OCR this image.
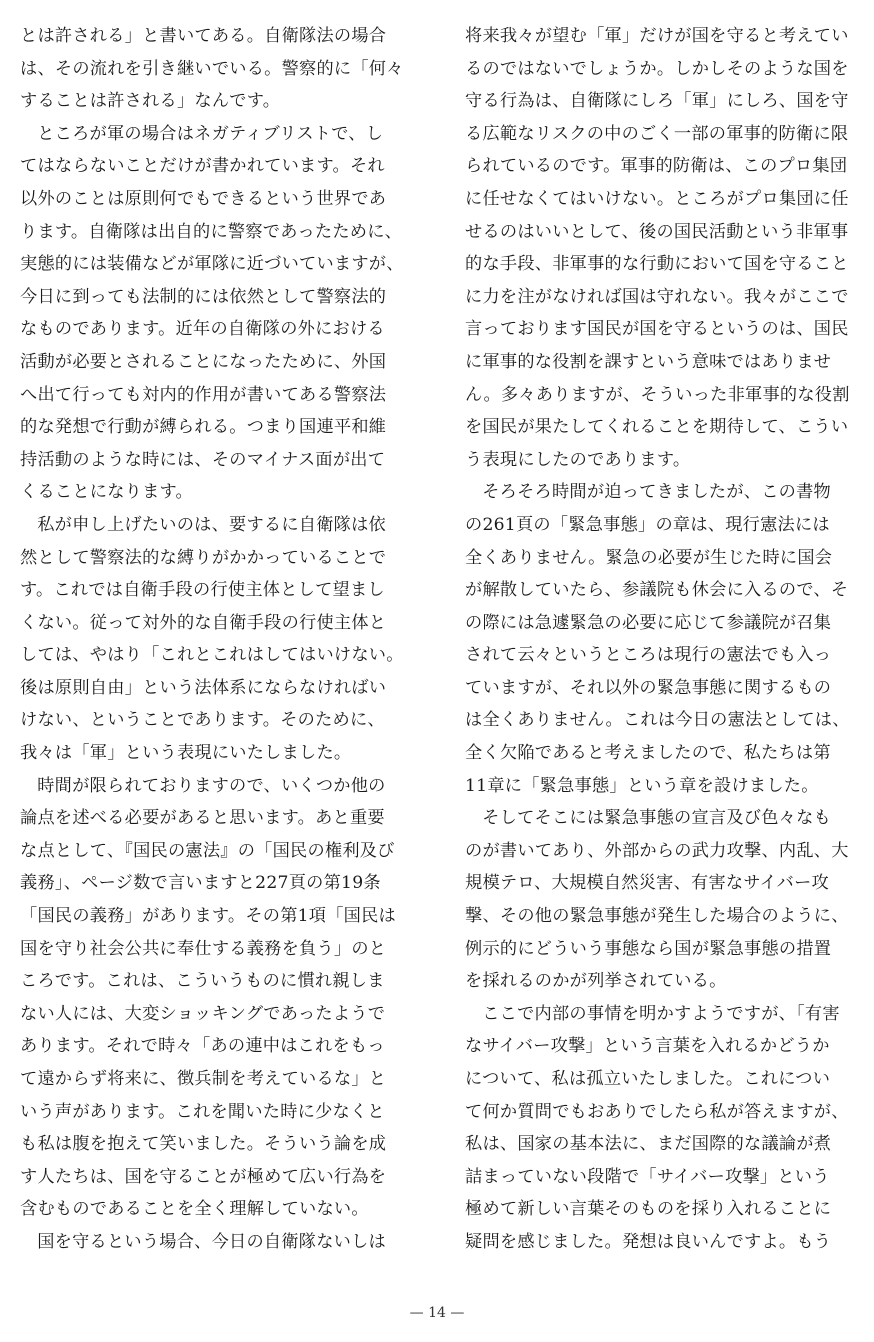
とは許される」と書いてある。自衛隊法の場合
は、その流れを引き継いでいる。警察的に「何々
することは許される」なんです。
ところが軍の場合はネガティブリストで、し
てはならないことだけが書かれています。それ
以外のことは原則何でもできるという世界であ
ります。自衛隊は出自的に警察であったために、
実態的には装備などが軍隊に近づいていますが、
今日に到っても法制的には依然として警察法的
なものであります。近年の自衛隊の外における
活動が必要とされることになったために、外国
へ出て行っても対内的作用が書いてある警察法
的な発想で行動が縛られる。つまり国連平和維
持活動のような時には、そのマイナス面が出て
くることになります。
私が申し上げたいのは、要するに自衛隊は依
然として警察法的な縛りがかかっていることで
す。これでは自衛手段の行使主体として望まし
くない。従って対外的な自衛手段の行使主体と
しては、やはり「これとこれはしてはいけない。
後は原則自由」という法体系にならなければい
けない、ということであります。そのために、
我々は「軍」という表現にいたしました。
時間が限られておりますので、いくつか他の
論点を述べる必要があると思います。あと重要
な点として、『国民の憲法』の「国民の権利及び
義務」、ページ数で言いますと227頁の第19条
「国民の義務」があります。その第1項「国民は
国を守り社会公共に奉仕する義務を負う」のと
ころです。これは、こういうものに慣れ親しま
ない人には、大変ショッキングであったようで
あります。それで時々「あの連中はこれをもっ
て遠からず将来に、徴兵制を考えているな」と
いう声があります。これを聞いた時に少なくと
も私は腹を抱えて笑いました。そういう論を成
す人たちは、国を守ることが極めて広い行為を
含むものであることを全く理解していない。
国を守るという場合、今日の自衛隊ないしは
将来我々が望む「軍」だけが国を守ると考えてい
るのではないでしょうか。しかしそのような国を
守る行為は、自衛隊にしろ「軍」にしろ、国を守
る広範なリスクの中のごく一部の軍事的防衛に限
られているのです。軍事的防衛は、このプロ集団
に任せなくてはいけない。ところがプロ集団に任
せるのはいいとして、後の国民活動という非軍事
的な手段、非軍事的な行動において国を守ること
に力を注がなければ国は守れない。我々がここで
言っております国民が国を守るというのは、国民
に軍事的な役割を課すという意味ではありませ
ん。多々ありますが、そういった非軍事的な役割
を国民が果たしてくれることを期待して、こうい
う表現にしたのであります。
そろそろ時間が迫ってきましたが、この書物
の261頁の「緊急事態」の章は、現行憲法には
全くありません。緊急の必要が生じた時に国会
が解散していたら、参議院も休会に入るので、そ
の際には急遽緊急の必要に応じて参議院が召集
されて云々というところは現行の憲法でも入っ
ていますが、それ以外の緊急事態に関するもの
は全くありません。これは今日の憲法としては、
全く欠陥であると考えましたので、私たちは第
11章に「緊急事態」という章を設けました。
そしてそこには緊急事態の宣言及び色々なも
のが書いてあり、外部からの武力攻撃、内乱、大
規模テロ、大規模自然災害、有害なサイバー攻
撃、その他の緊急事態が発生した場合のように、
例示的にどういう事態なら国が緊急事態の措置
を採れるのかが列挙されている。
ここで内部の事情を明かすようですが、「有害
なサイバー攻撃」という言葉を入れるかどうか
について、私は孤立いたしました。これについ
て何か質問でもおありでしたら私が答えますが、
私は、国家の基本法に、まだ国際的な議論が煮
詰まっていない段階で「サイバー攻撃」という
極めて新しい言葉そのものを採り入れることに
疑問を感じました。発想は良いんですよ。もう
— 14 —
